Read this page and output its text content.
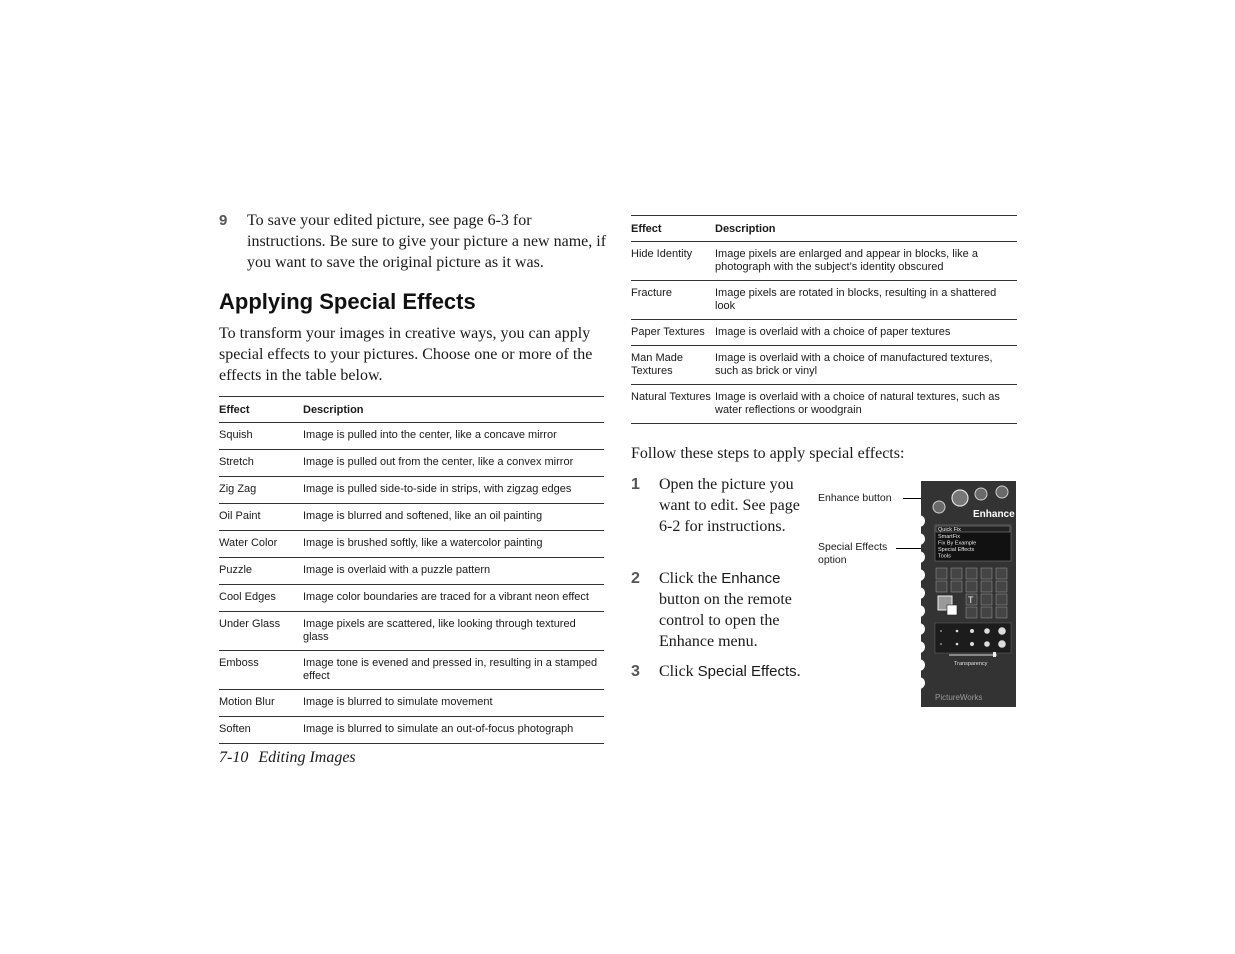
9 To save your edited picture, see page 6-3 for instructions. Be sure to give your picture a new name, if you want to save the original picture as it was.
Applying Special Effects

To transform your images in creative ways, you can apply special effects to your pictures. Choose one or more of the effects in the table below.

Effect	Description
Squish	Image is pulled into the center, like a concave mirror
Stretch	Image is pulled out from the center, like a convex mirror
Zig Zag	Image is pulled side-to-side in strips, with zigzag edges
Oil Paint	Image is blurred and softened, like an oil painting
Water Color	Image is brushed softly, like a watercolor painting
Puzzle	Image is overlaid with a puzzle pattern
Cool Edges	Image color boundaries are traced for a vibrant neon effect
Under Glass	Image pixels are scattered, like looking through textured glass
Emboss	Image tone is evened and pressed in, resulting in a stamped effect
Motion Blur	Image is blurred to simulate movement
Soften	Image is blurred to simulate an out-of-focus photograph
Effect	Description
Hide Identity	Image pixels are enlarged and appear in blocks, like a photograph with the subject’s identity obscured
Fracture	Image pixels are rotated in blocks, resulting in a shattered look
Paper Textures	Image is overlaid with a choice of paper textures
Man Made Textures	Image is overlaid with a choice of manufactured textures, such as brick or vinyl
Natural Textures	Image is overlaid with a choice of natural textures, such as water reflections or woodgrain

Follow these steps to apply special effects:

1 Open the picture you want to edit. See page 6-2 for instructions.
2 Click the Enhance button on the remote control to open the Enhance menu.
3 Click Special Effects.
Enhance button
Special Effects option
Enhance
Quick Fix
SmartFix
Fix By Example
Special Effects
Tools
T
Transparency
PictureWorks
7-10 Editing Images
